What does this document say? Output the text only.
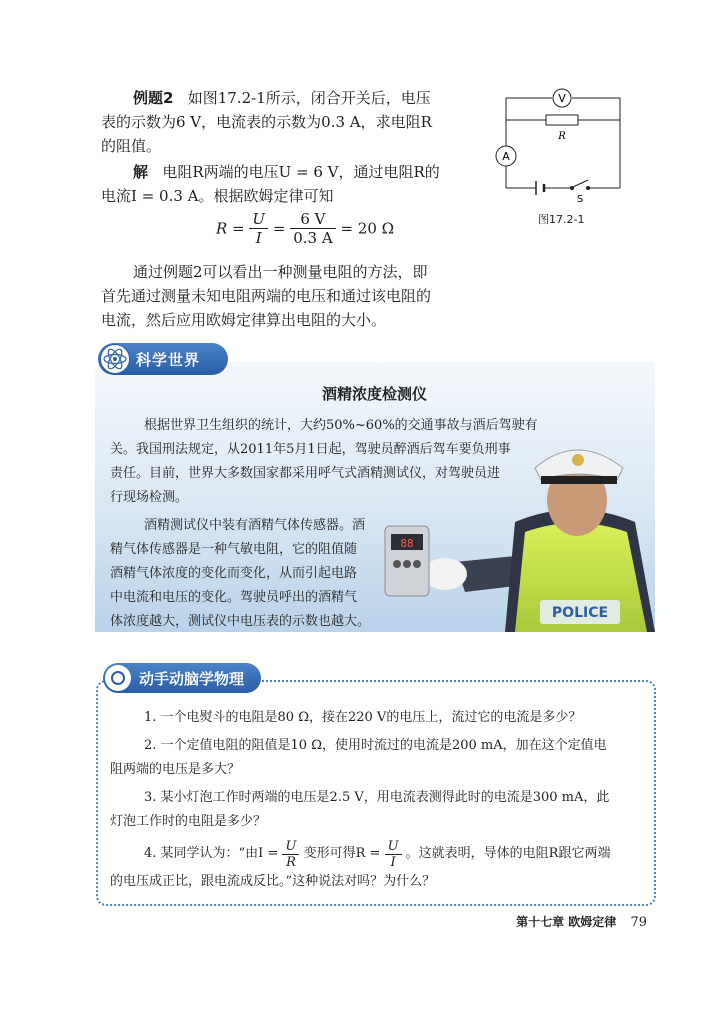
例题2 如图17.2-1所示，闭合开关后，电压
表的示数为6 V，电流表的示数为0.3 A，求电阻R
的阻值。
解 电阻R两端的电压U = 6 V，通过电阻R的
电流I = 0.3 A。根据欧姆定律可知
$R = \frac{U}{I} = \frac{6 V}{0.3 A} = 20$ Ω
通过例题2可以看出一种测量电阻的方法，即
首先通过测量未知电阻两端的电压和通过该电阻的
电流，然后应用欧姆定律算出电阻的大小。
V
A
R
S
图17.2-1
88
POLICE
科学世界
酒精浓度检测仪
根据世界卫生组织的统计，大约50%~60%的交通事故与酒后驾驶有
关。我国刑法规定，从2011年5月1日起，驾驶员醉酒后驾车要负刑事
责任。目前，世界大多数国家都采用呼气式酒精测试仪，对驾驶员进
行现场检测。
酒精测试仪中装有酒精气体传感器。酒
精气体传感器是一种气敏电阻，它的阻值随
酒精气体浓度的变化而变化，从而引起电路
中电流和电压的变化。驾驶员呼出的酒精气
体浓度越大，测试仪中电压表的示数也越大。
动手动脑学物理
1. 一个电熨斗的电阻是80 Ω，接在220 V的电压上，流过它的电流是多少？
2. 一个定值电阻的阻值是10 Ω，使用时流过的电流是200 mA，加在这个定值电
阻两端的电压是多大？
3. 某小灯泡工作时两端的电压是2.5 V，用电流表测得此时的电流是300 mA，此
灯泡工作时的电阻是多少？
4. 某同学认为：“由$I = \frac{U}{R}$ 变形可得$R = \frac{U}{I}$ 。这就表明，导体的电阻R跟它两端
的电压成正比，跟电流成反比。”这种说法对吗？为什么？
第十七章 欧姆定律 79
